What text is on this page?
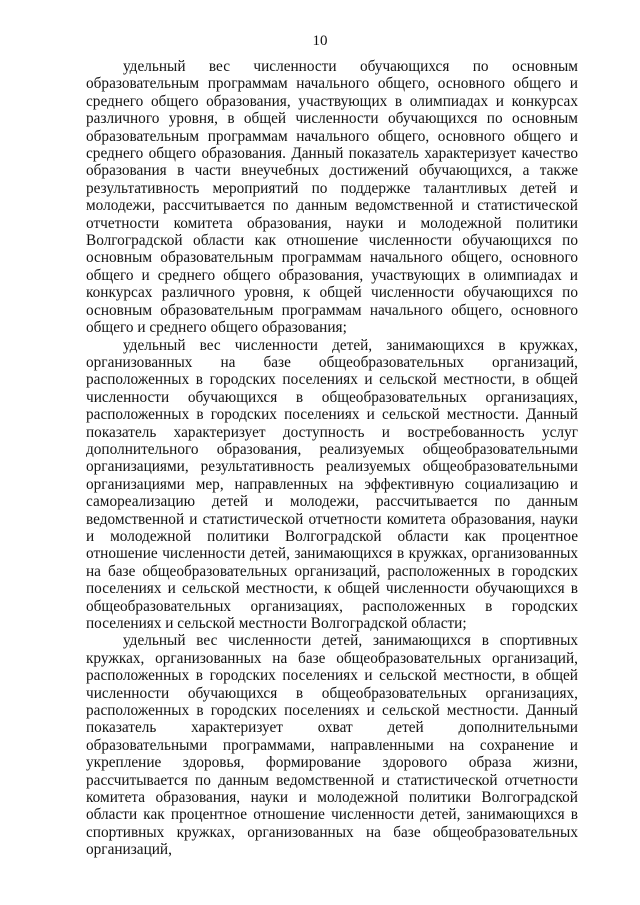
10

удельный вес численности обучающихся по основным образовательным программам начального общего, основного общего и среднего общего образования, участвующих в олимпиадах и конкурсах различного уровня, в общей численности обучающихся по основным образовательным программам начального общего, основного общего и среднего общего образования. Данный показатель характеризует качество образования в части внеучебных достижений обучающихся, а также результативность мероприятий по поддержке талантливых детей и молодежи, рассчитывается по данным ведомственной и статистической отчетности комитета образования, науки и молодежной политики Волгоградской области как отношение численности обучающихся по основным образовательным программам начального общего, основного общего и среднего общего образования, участвующих в олимпиадах и конкурсах различного уровня, к общей численности обучающихся по основным образовательным программам начального общего, основного общего и среднего общего образования;

удельный вес численности детей, занимающихся в кружках, организованных на базе общеобразовательных организаций, расположенных в городских поселениях и сельской местности, в общей численности обучающихся в общеобразовательных организациях, расположенных в городских поселениях и сельской местности. Данный показатель характеризует доступность и востребованность услуг дополнительного образования, реализуемых общеобразовательными организациями, результативность реализуемых общеобразовательными организациями мер, направленных на эффективную социализацию и самореализацию детей и молодежи, рассчитывается по данным ведомственной и статистической отчетности комитета образования, науки и молодежной политики Волгоградской области как процентное отношение численности детей, занимающихся в кружках, организованных на базе общеобразовательных организаций, расположенных в городских поселениях и сельской местности, к общей численности обучающихся в общеобразовательных организациях, расположенных в городских поселениях и сельской местности Волгоградской области;

удельный вес численности детей, занимающихся в спортивных кружках, организованных на базе общеобразовательных организаций, расположенных в городских поселениях и сельской местности, в общей численности обучающихся в общеобразовательных организациях, расположенных в городских поселениях и сельской местности. Данный показатель характеризует охват детей дополнительными образовательными программами, направленными на сохранение и укрепление здоровья, формирование здорового образа жизни, рассчитывается по данным ведомственной и статистической отчетности комитета образования, науки и молодежной политики Волгоградской области как процентное отношение численности детей, занимающихся в спортивных кружках, организованных на базе общеобразовательных организаций,
